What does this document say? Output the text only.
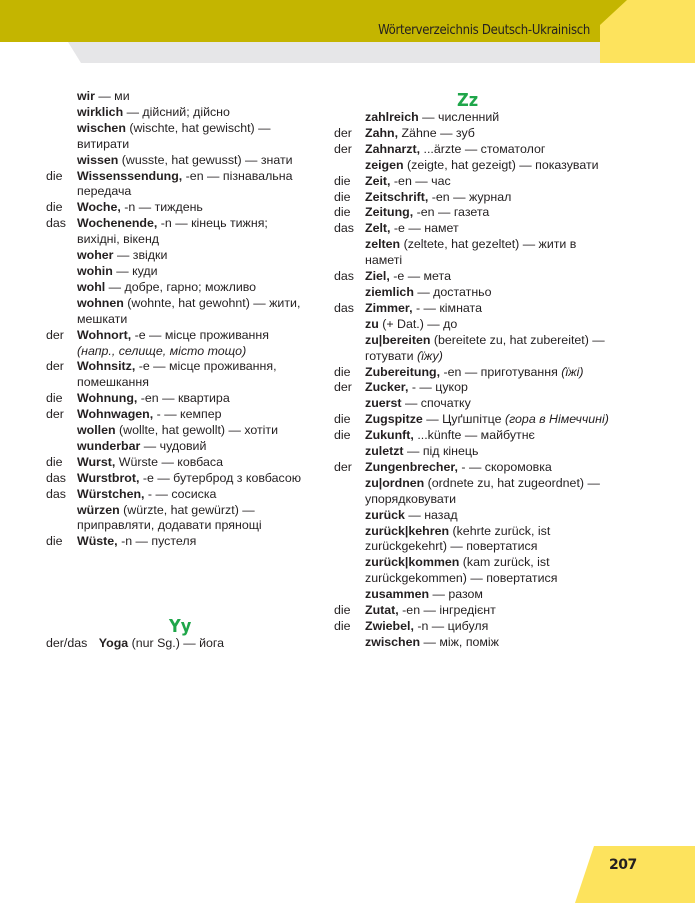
Wörterverzeichnis Deutsch-Ukrainisch
wir — ми
wirklich — дійсний; дійсно
wischen (wischte, hat gewischt) — витирати
wissen (wusste, hat gewusst) — знати
die Wissenssendung, -en — пізнавальна передача
die Woche, -n — тиждень
das Wochenende, -n — кінець тижня; вихідні, вікенд
woher — звідки
wohin — куди
wohl — добре, гарно; можливо
wohnen (wohnte, hat gewohnt) — жити, мешкати
der Wohnort, -e — місце проживання (напр., селище, місто тощо)
der Wohnsitz, -e — місце проживання, помешкання
die Wohnung, -en — квартира
der Wohnwagen, - — кемпер
wollen (wollte, hat gewollt) — хотіти
wunderbar — чудовий
die Wurst, Würste — ковбаса
das Wurstbrot, -e — бутерброд з ковбасою
das Würstchen, - — сосиска
würzen (würzte, hat gewürzt) — приправляти, додавати прянощі
die Wüste, -n — пустеля
Yy
der/das Yoga (nur Sg.) — йога
Zz
zahlreich — численний
der Zahn, Zähne — зуб
der Zahnarzt, ...ärzte — стоматолог
zeigen (zeigte, hat gezeigt) — показувати
die Zeit, -en — час
die Zeitschrift, -en — журнал
die Zeitung, -en — газета
das Zelt, -e — намет
zelten (zeltete, hat gezeltet) — жити в наметі
das Ziel, -e — мета
ziemlich — достатньо
das Zimmer, - — кімната
zu (+ Dat.) — до
zu|bereiten (bereitete zu, hat zubereitet) — готувати (їжу)
die Zubereitung, -en — приготування (їжі)
der Zucker, - — цукор
zuerst — спочатку
die Zugspitze — Цуґшпітце (гора в Німеччині)
die Zukunft, ...künfte — майбутнє
zuletzt — під кінець
der Zungenbrecher, - — скоромовка
zu|ordnen (ordnete zu, hat zugeordnet) — упорядковувати
zurück — назад
zurück|kehren (kehrte zurück, ist zurückgekehrt) — повертатися
zurück|kommen (kam zurück, ist zurückgekommen) — повертатися
zusammen — разом
die Zutat, -en — інгредієнт
die Zwiebel, -n — цибуля
zwischen — між, поміж
207
